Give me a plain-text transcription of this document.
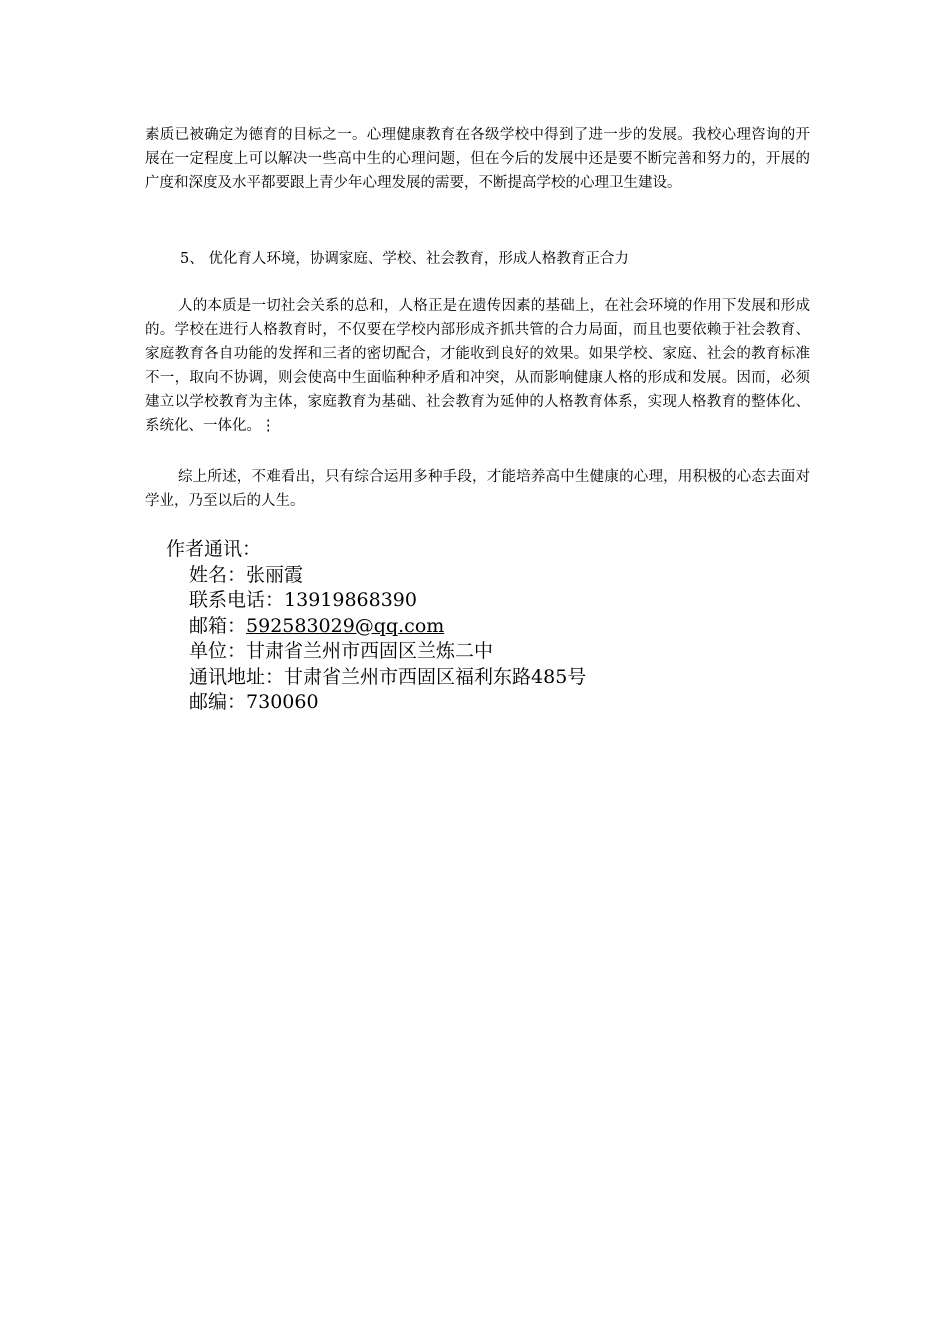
素质已被确定为德育的目标之一。心理健康教育在各级学校中得到了进一步的发展。我校心理咨询的开展在一定程度上可以解决一些高中生的心理问题，但在今后的发展中还是要不断完善和努力的，开展的广度和深度及水平都要跟上青少年心理发展的需要，不断提高学校的心理卫生建设。

5、 优化育人环境，协调家庭、学校、社会教育，形成人格教育正合力

人的本质是一切社会关系的总和，人格正是在遗传因素的基础上，在社会环境的作用下发展和形成的。学校在进行人格教育时，不仅要在学校内部形成齐抓共管的合力局面，而且也要依赖于社会教育、家庭教育各自功能的发挥和三者的密切配合，才能收到良好的效果。如果学校、家庭、社会的教育标准不一，取向不协调，则会使高中生面临种种矛盾和冲突，从而影响健康人格的形成和发展。因而，必须建立以学校教育为主体，家庭教育为基础、社会教育为延伸的人格教育体系，实现人格教育的整体化、系统化、一体化。⋮

综上所述，不难看出，只有综合运用多种手段，才能培养高中生健康的心理，用积极的心态去面对学业，乃至以后的人生。

作者通讯：
姓名：张丽霞
联系电话：13919868390
邮箱：592583029@qq.com
单位：甘肃省兰州市西固区兰炼二中
通讯地址：甘肃省兰州市西固区福利东路485号
邮编：730060
